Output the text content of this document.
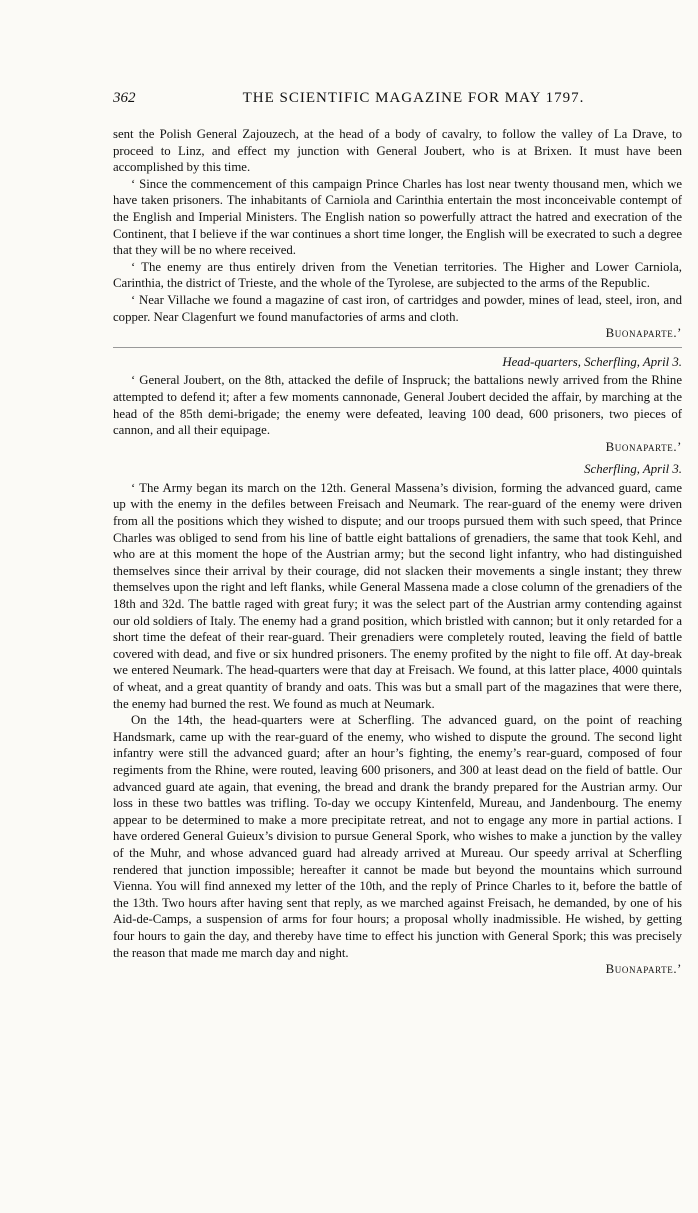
362	THE SCIENTIFIC MAGAZINE FOR MAY 1797.

sent the Polish General Zajouzech, at the head of a body of cavalry, to follow the valley of La Drave, to proceed to Linz, and effect my junction with General Joubert, who is at Brixen. It must have been accomplished by this time.

‘ Since the commencement of this campaign Prince Charles has lost near twenty thousand men, which we have taken prisoners. The inhabitants of Carniola and Carinthia entertain the most inconceivable contempt of the English and Imperial Ministers. The English nation so powerfully attract the hatred and execration of the Continent, that I believe if the war continues a short time longer, the English will be execrated to such a degree that they will be no where received.

‘ The enemy are thus entirely driven from the Venetian territories. The Higher and Lower Carniola, Carinthia, the district of Trieste, and the whole of the Tyrolese, are subjected to the arms of the Republic.

‘ Near Villache we found a magazine of cast iron, of cartridges and powder, mines of lead, steel, iron, and copper. Near Clagenfurt we found manufactories of arms and cloth.

Buonaparte.’

Head-quarters, Scherfling, April 3.

‘ General Joubert, on the 8th, attacked the defile of Inspruck; the battalions newly arrived from the Rhine attempted to defend it; after a few moments cannonade, General Joubert decided the affair, by marching at the head of the 85th demi-brigade; the enemy were defeated, leaving 100 dead, 600 prisoners, two pieces of cannon, and all their equipage.

Buonaparte.’

Scherfling, April 3.

‘ The Army began its march on the 12th. General Massena’s division, forming the advanced guard, came up with the enemy in the defiles between Freisach and Neumark. The rear-guard of the enemy were driven from all the positions which they wished to dispute; and our troops pursued them with such speed, that Prince Charles was obliged to send from his line of battle eight battalions of grenadiers, the same that took Kehl, and who are at this moment the hope of the Austrian army; but the second light infantry, who had distinguished themselves since their arrival by their courage, did not slacken their movements a single instant; they threw themselves upon the right and left flanks, while General Massena made a close column of the grenadiers of the 18th and 32d. The battle raged with great fury; it was the select part of the Austrian army contending against our old soldiers of Italy. The enemy had a grand position, which bristled with cannon; but it only retarded for a short time the defeat of their rear-guard. Their grenadiers were completely routed, leaving the field of battle covered with dead, and five or six hundred prisoners. The enemy profited by the night to file off. At day-break we entered Neumark. The head-quarters were that day at Freisach. We found, at this latter place, 4000 quintals of wheat, and a great quantity of brandy and oats. This was but a small part of the magazines that were there, the enemy had burned the rest. We found as much at Neumark.

On the 14th, the head-quarters were at Scherfling. The advanced guard, on the point of reaching Handsmark, came up with the rear-guard of the enemy, who wished to dispute the ground. The second light infantry were still the advanced guard; after an hour’s fighting, the enemy’s rear-guard, composed of four regiments from the Rhine, were routed, leaving 600 prisoners, and 300 at least dead on the field of battle. Our advanced guard ate again, that evening, the bread and drank the brandy prepared for the Austrian army. Our loss in these two battles was trifling. To-day we occupy Kintenfeld, Mureau, and Jandenbourg. The enemy appear to be determined to make a more precipitate retreat, and not to engage any more in partial actions. I have ordered General Guieux’s division to pursue General Spork, who wishes to make a junction by the valley of the Muhr, and whose advanced guard had already arrived at Mureau. Our speedy arrival at Scherfling rendered that junction impossible; hereafter it cannot be made but beyond the mountains which surround Vienna. You will find annexed my letter of the 10th, and the reply of Prince Charles to it, before the battle of the 13th. Two hours after having sent that reply, as we marched against Freisach, he demanded, by one of his Aid-de-Camps, a suspension of arms for four hours; a proposal wholly inadmissible. He wished, by getting four hours to gain the day, and thereby have time to effect his junction with General Spork; this was precisely the reason that made me march day and night.

Buonaparte.’
